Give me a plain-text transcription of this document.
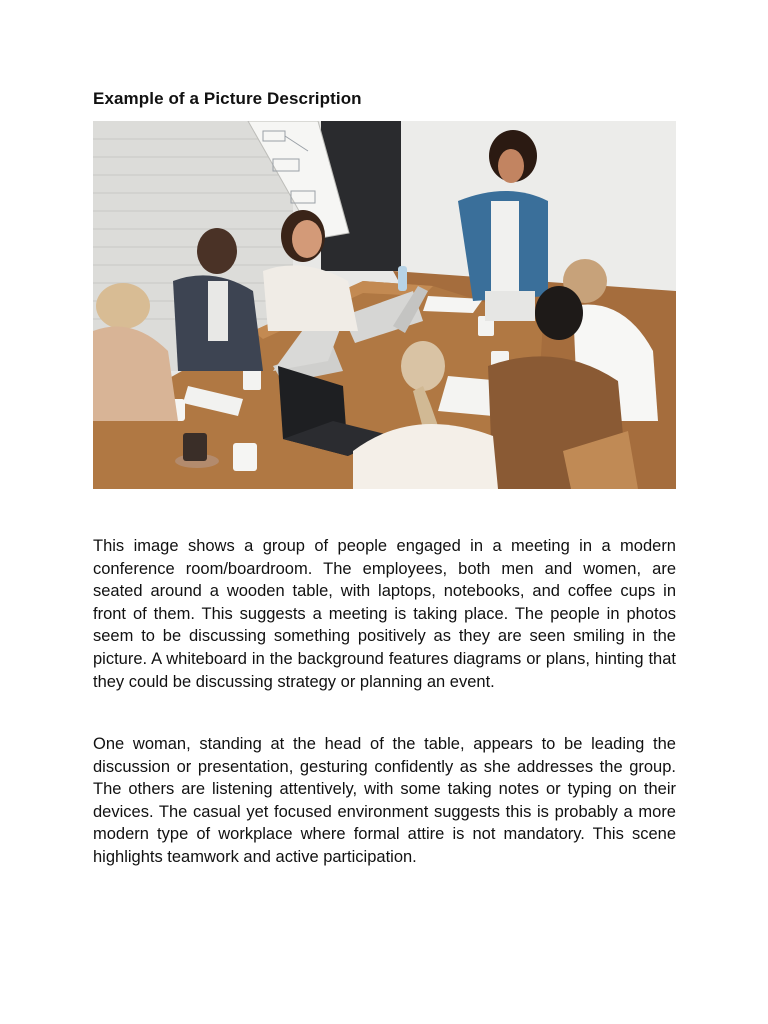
Example of a Picture Description

This image shows a group of people engaged in a meeting in a modern conference room/boardroom. The employees, both men and women, are seated around a wooden table, with laptops, notebooks, and coffee cups in front of them. This suggests a meeting is taking place. The people in photos seem to be discussing something positively as they are seen smiling in the picture. A whiteboard in the background features diagrams or plans, hinting that they could be discussing strategy or planning an event.

One woman, standing at the head of the table, appears to be leading the discussion or presentation, gesturing confidently as she addresses the group. The others are listening attentively, with some taking notes or typing on their devices. The casual yet focused environment suggests this is probably a more modern type of workplace where formal attire is not mandatory. This scene highlights teamwork and active participation.
